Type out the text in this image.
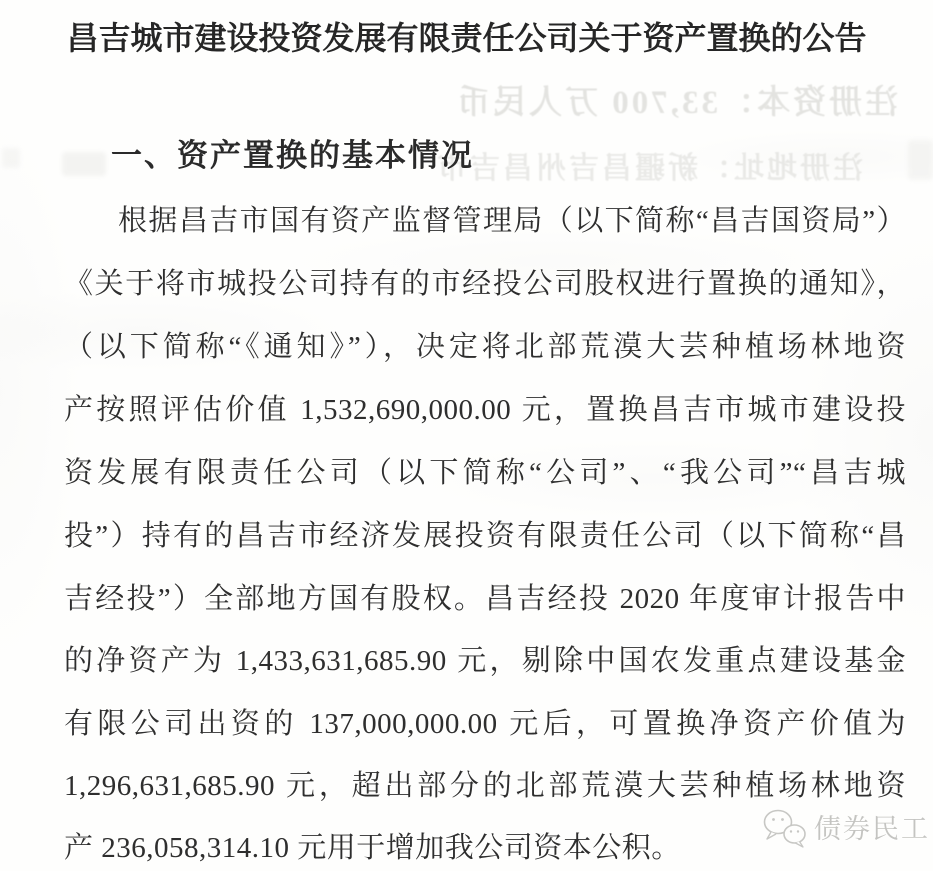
注册资本：33,700 万人民币
注册地址：新疆昌吉州昌吉市
昌吉城市建设投资发展有限责任公司关于资产置换的公告
一、资产置换的基本情况
根据昌吉市国有资产监督管理局（以下简称“昌吉国资局”）
《关于将市城投公司持有的市经投公司股权进行置换的通知》，
（以下简称“《通知》”），决定将北部荒漠大芸种植场林地资
产按照评估价值 1,532,690,000.00 元，置换昌吉市城市建设投
资发展有限责任公司（以下简称“公司”、“我公司”“昌吉城
投”）持有的昌吉市经济发展投资有限责任公司（以下简称“昌
吉经投”）全部地方国有股权。昌吉经投 2020 年度审计报告中
的净资产为 1,433,631,685.90 元，剔除中国农发重点建设基金
有限公司出资的 137,000,000.00 元后，可置换净资产价值为
1,296,631,685.90 元，超出部分的北部荒漠大芸种植场林地资
产 236,058,314.10 元用于增加我公司资本公积。
债券民工
